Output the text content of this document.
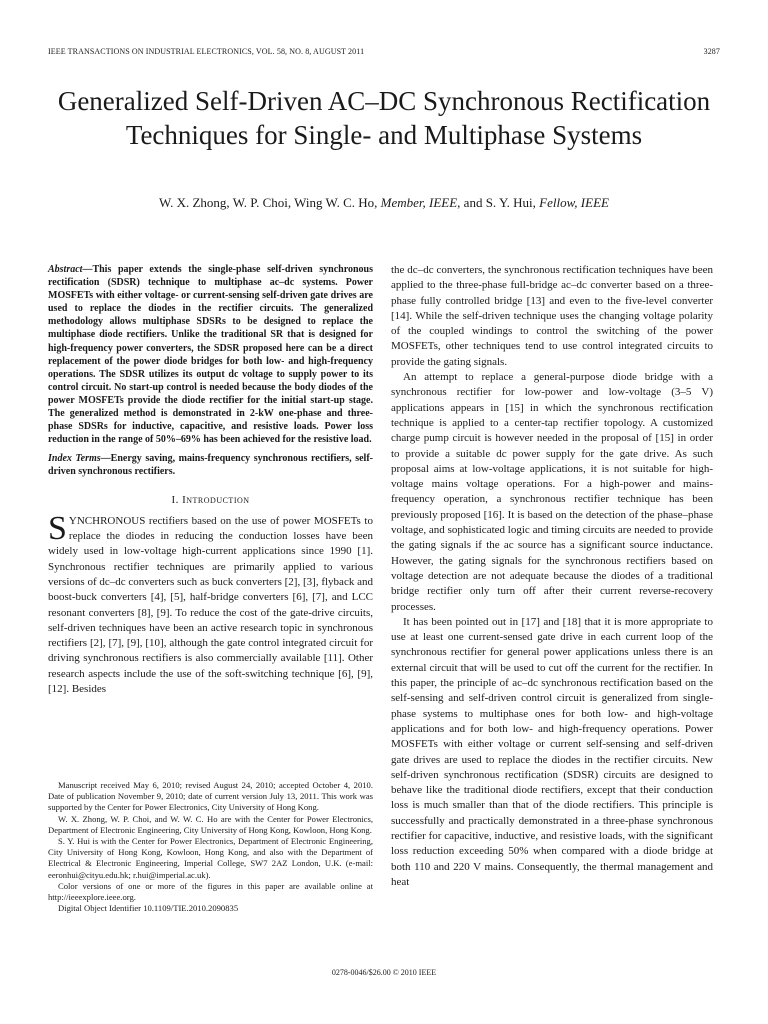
IEEE TRANSACTIONS ON INDUSTRIAL ELECTRONICS, VOL. 58, NO. 8, AUGUST 2011	3287
Generalized Self-Driven AC–DC Synchronous Rectification Techniques for Single- and Multiphase Systems
W. X. Zhong, W. P. Choi, Wing W. C. Ho, Member, IEEE, and S. Y. Hui, Fellow, IEEE
Abstract—This paper extends the single-phase self-driven synchronous rectification (SDSR) technique to multiphase ac–dc systems. Power MOSFETs with either voltage- or current-sensing self-driven gate drives are used to replace the diodes in the rectifier circuits. The generalized methodology allows multiphase SDSRs to be designed to replace the multiphase diode rectifiers. Unlike the traditional SR that is designed for high-frequency power converters, the SDSR proposed here can be a direct replacement of the power diode bridges for both low- and high-frequency operations. The SDSR utilizes its output dc voltage to supply power to its control circuit. No start-up control is needed because the body diodes of the power MOSFETs provide the diode rectifier for the initial start-up stage. The generalized method is demonstrated in 2-kW one-phase and three-phase SDSRs for inductive, capacitive, and resistive loads. Power loss reduction in the range of 50%–69% has been achieved for the resistive load.
Index Terms—Energy saving, mains-frequency synchronous rectifiers, self-driven synchronous rectifiers.
I. Introduction

SYNCHRONOUS rectifiers based on the use of power MOSFETs to replace the diodes in reducing the conduction losses have been widely used in low-voltage high-current applications since 1990 [1]. Synchronous rectifier techniques are primarily applied to various versions of dc–dc converters such as buck converters [2], [3], flyback and boost-buck converters [4], [5], half-bridge converters [6], [7], and LCC resonant converters [8], [9]. To reduce the cost of the gate-drive circuits, self-driven techniques have been an active research topic in synchronous rectifiers [2], [7], [9], [10], although the gate control integrated circuit for driving synchronous rectifiers is also commercially available [11]. Other research aspects include the use of the soft-switching technique [6], [9], [12]. Besides

Manuscript received May 6, 2010; revised August 24, 2010; accepted October 4, 2010. Date of publication November 9, 2010; date of current version July 13, 2011. This work was supported by the Center for Power Electronics, City University of Hong Kong.

W. X. Zhong, W. P. Choi, and W. W. C. Ho are with the Center for Power Electronics, Department of Electronic Engineering, City University of Hong Kong, Kowloon, Hong Kong.

S. Y. Hui is with the Center for Power Electronics, Department of Electronic Engineering, City University of Hong Kong, Kowloon, Hong Kong, and also with the Department of Electrical & Electronic Engineering, Imperial College, SW7 2AZ London, U.K. (e-mail: eeronhui@cityu.edu.hk; r.hui@imperial.ac.uk).

Color versions of one or more of the figures in this paper are available online at http://ieeexplore.ieee.org.

Digital Object Identifier 10.1109/TIE.2010.2090835

the dc–dc converters, the synchronous rectification techniques have been applied to the three-phase full-bridge ac–dc converter based on a three-phase fully controlled bridge [13] and even to the five-level converter [14]. While the self-driven technique uses the changing voltage polarity of the coupled windings to control the switching of the power MOSFETs, other techniques tend to use control integrated circuits to provide the gating signals.

An attempt to replace a general-purpose diode bridge with a synchronous rectifier for low-power and low-voltage (3–5 V) applications appears in [15] in which the synchronous rectification technique is applied to a center-tap rectifier topology. A customized charge pump circuit is however needed in the proposal of [15] in order to provide a suitable dc power supply for the gate drive. As such proposal aims at low-voltage applications, it is not suitable for high-voltage mains voltage operations. For a high-power and mains-frequency operation, a synchronous rectifier technique has been previously proposed [16]. It is based on the detection of the phase–phase voltage, and sophisticated logic and timing circuits are needed to provide the gating signals if the ac source has a significant source inductance. However, the gating signals for the synchronous rectifiers based on voltage detection are not adequate because the diodes of a traditional bridge rectifier only turn off after their current reverse-recovery processes.

It has been pointed out in [17] and [18] that it is more appropriate to use at least one current-sensed gate drive in each current loop of the synchronous rectifier for general power applications unless there is an external circuit that will be used to cut off the current for the rectifier. In this paper, the principle of ac–dc synchronous rectification based on the self-sensing and self-driven control circuit is generalized from single-phase systems to multiphase ones for both low- and high-voltage applications and for both low- and high-frequency operations. Power MOSFETs with either voltage or current self-sensing and self-driven gate drives are used to replace the diodes in the rectifier circuits. New self-driven synchronous rectification (SDSR) circuits are designed to behave like the traditional diode rectifiers, except that their conduction loss is much smaller than that of the diode rectifiers. This principle is successfully and practically demonstrated in a three-phase synchronous rectifier for capacitive, inductive, and resistive loads, with the significant loss reduction exceeding 50% when compared with a diode bridge at both 110 and 220 V mains. Consequently, the thermal management and heat

0278-0046/$26.00 © 2010 IEEE
